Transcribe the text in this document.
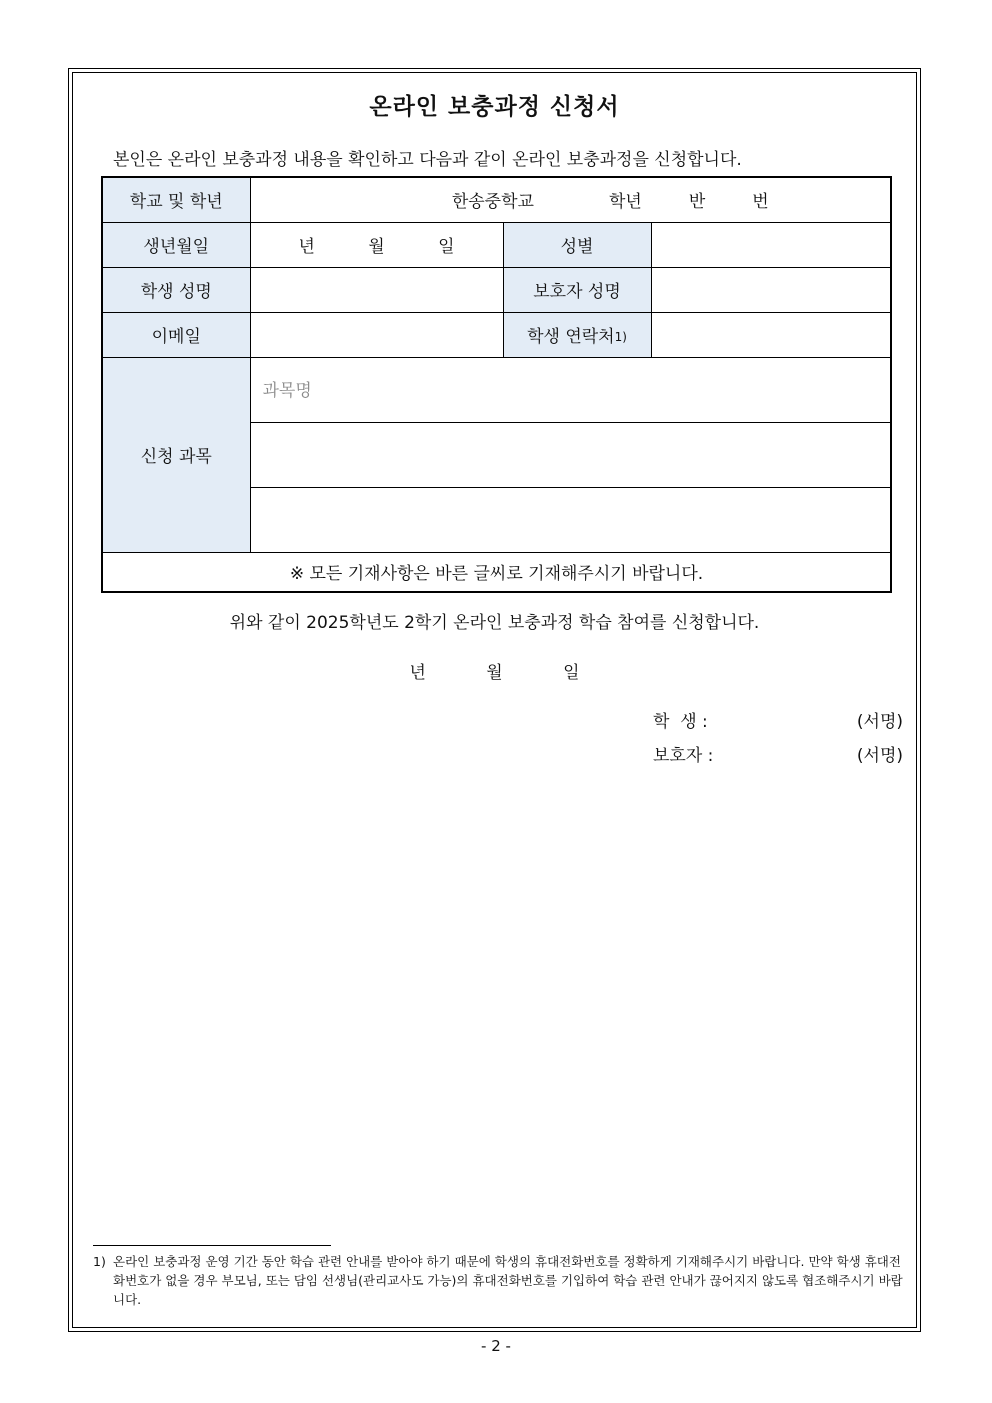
온라인 보충과정 신청서
본인은 온라인 보충과정 내용을 확인하고 다음과 같이 온라인 보충과정을 신청합니다.
학교 및 학년	한송중학교 학년 반 번		

생년월일	년 월 일	성별	
학생 성명		보호자 성명	
이메일		학생 연락처1)	
신청 과목	과목명		

※ 모든 기재사항은 바른 글씨로 기재해주시기 바랍니다.			
위와 같이 2025학년도 2학기 온라인 보충과정 학습 참여를 신청합니다.
년	월	일
학  생 :	(서명)
보호자 :	(서명)
1) 온라인 보충과정 운영 기간 동안 학습 관련 안내를 받아야 하기 때문에 학생의 휴대전화번호를 정확하게 기재해주시기 바랍니다. 만약 학생 휴대전화번호가 없을 경우 부모님, 또는 담임 선생님(관리교사도 가능)의 휴대전화번호를 기입하여 학습 관련 안내가 끊어지지 않도록 협조해주시기 바랍니다.
- 2 -
